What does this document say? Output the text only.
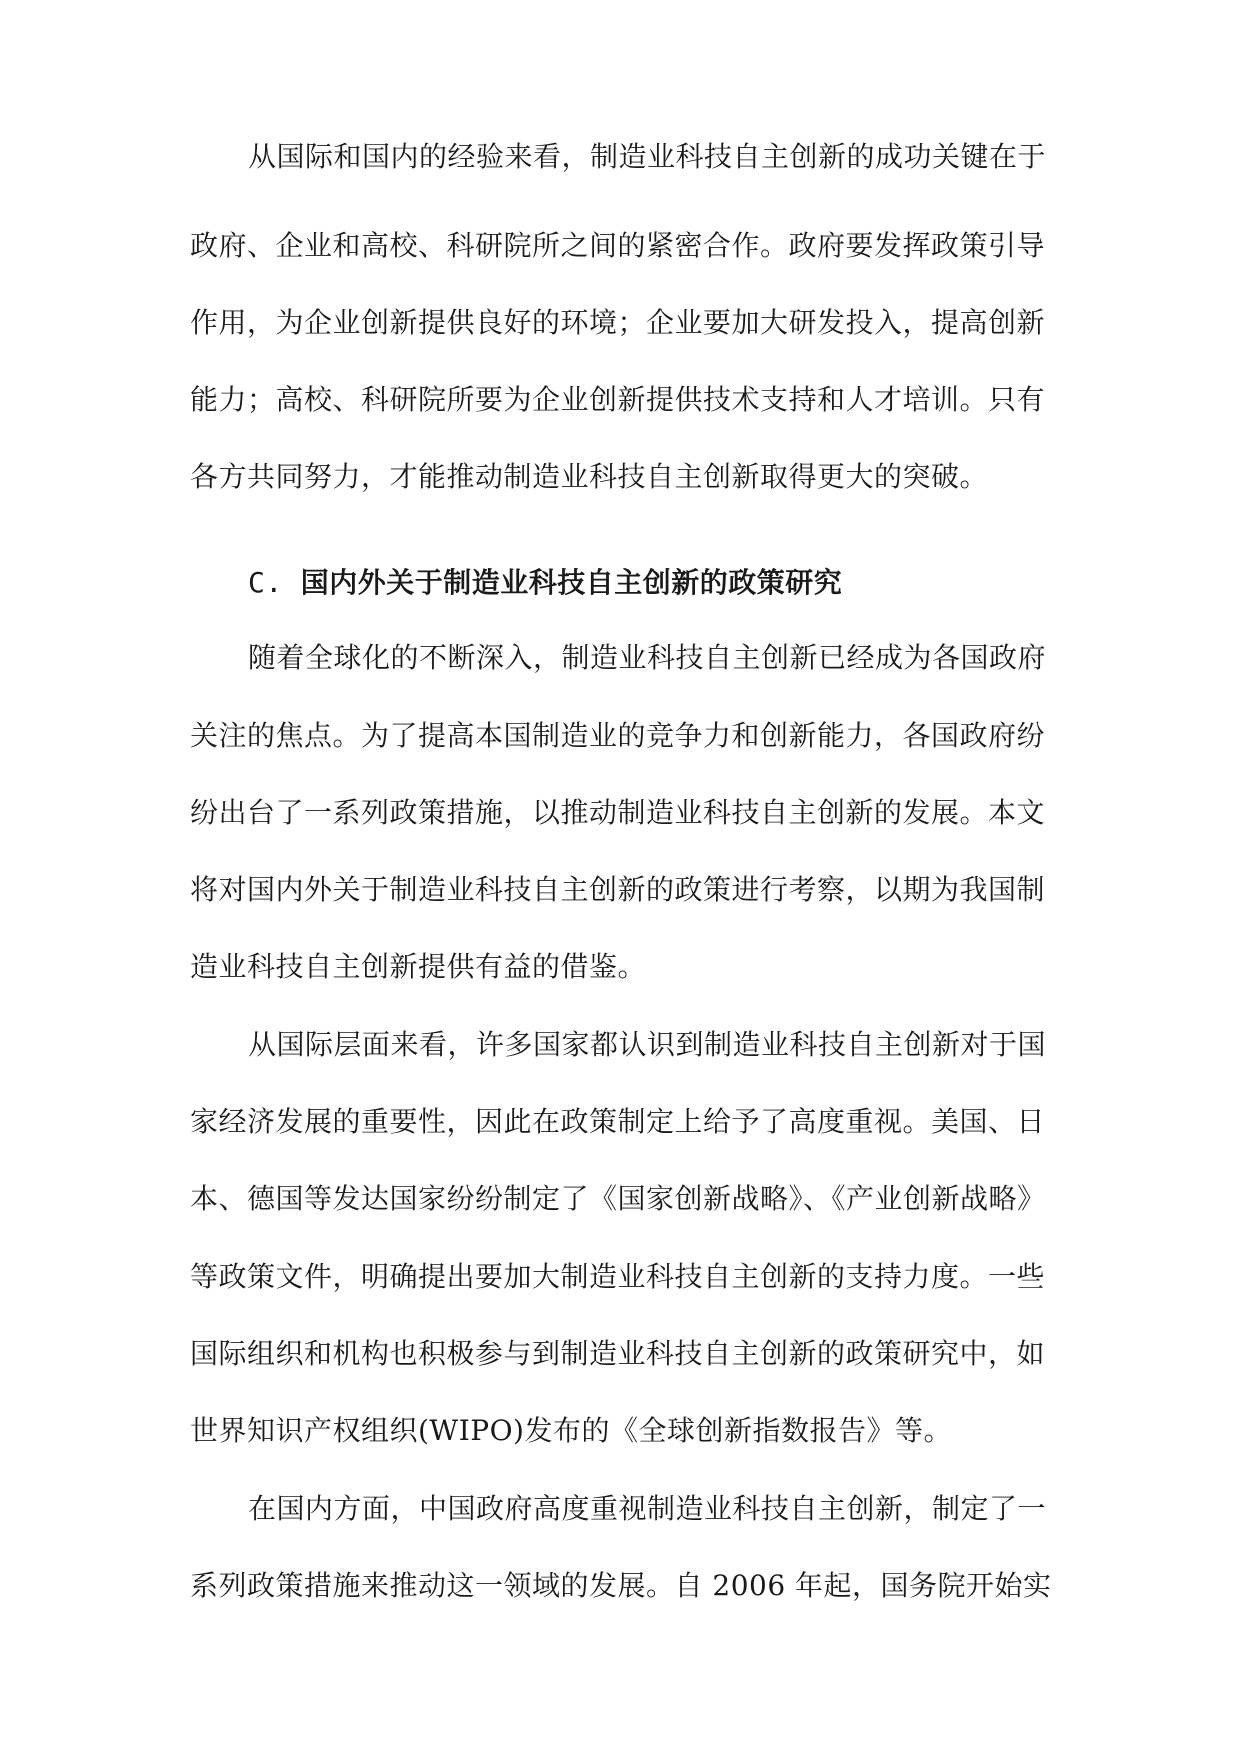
从国际和国内的经验来看，制造业科技自主创新的成功关键在于
政府、企业和高校、科研院所之间的紧密合作。政府要发挥政策引导
作用，为企业创新提供良好的环境；企业要加大研发投入，提高创新
能力；高校、科研院所要为企业创新提供技术支持和人才培训。只有
各方共同努力，才能推动制造业科技自主创新取得更大的突破。
C. 国内外关于制造业科技自主创新的政策研究
随着全球化的不断深入，制造业科技自主创新已经成为各国政府
关注的焦点。为了提高本国制造业的竞争力和创新能力，各国政府纷
纷出台了一系列政策措施，以推动制造业科技自主创新的发展。本文
将对国内外关于制造业科技自主创新的政策进行考察，以期为我国制
造业科技自主创新提供有益的借鉴。
从国际层面来看，许多国家都认识到制造业科技自主创新对于国
家经济发展的重要性，因此在政策制定上给予了高度重视。美国、日
本、德国等发达国家纷纷制定了《国家创新战略》、《产业创新战略》
等政策文件，明确提出要加大制造业科技自主创新的支持力度。一些
国际组织和机构也积极参与到制造业科技自主创新的政策研究中，如
世界知识产权组织(WIPO)发布的《全球创新指数报告》等。
在国内方面，中国政府高度重视制造业科技自主创新，制定了一
系列政策措施来推动这一领域的发展。自 2006 年起，国务院开始实
